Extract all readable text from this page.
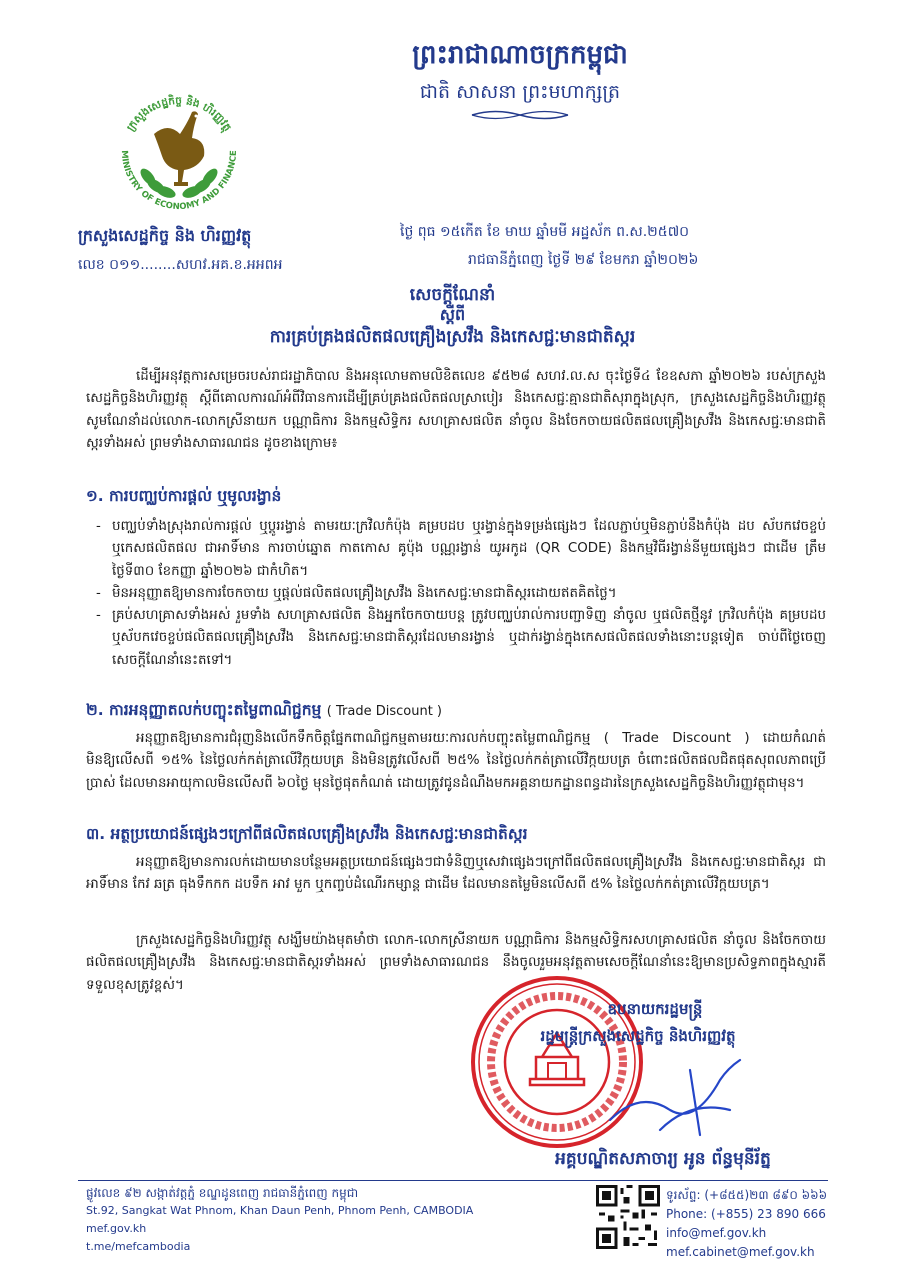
ក្រសួងសេដ្ឋកិច្ច និង ហិរញ្ញវត្ថុ
MINISTRY OF ECONOMY AND FINANCE
ព្រះរាជាណាចក្រកម្ពុជា
ជាតិ សាសនា ព្រះមហាក្សត្រ
ក្រសួងសេដ្ឋកិច្ច និង ហិរញ្ញវត្ថុ
លេខ ០១១........សហវ.អគ.ខ.អអពអ
ថ្ងៃ ពុធ ១៥កើត ខែ មាឃ ឆ្នាំមមី អដ្ឋស័ក ព.ស.២៥៧០
រាជធានីភ្នំពេញ ថ្ងៃទី ២៩ ខែមករា ឆ្នាំ២០២៦
សេចក្ដីណែនាំ
ស្ដីពី
ការគ្រប់គ្រងផលិតផលគ្រឿងស្រវឹង និងកេសជ្ជៈមានជាតិស្ករ
ដើម្បីអនុវត្តការសម្រេចរបស់រាជរដ្ឋាភិបាល និងអនុលោមតាមលិខិតលេខ ៩៥២៨ សហវ.ល.ស ចុះថ្ងៃទី៤ ខែឧសភា ឆ្នាំ២០២៦ របស់ក្រសួងសេដ្ឋកិច្ចនិងហិរញ្ញវត្ថុ ស្តីពីគោលការណ៍អំពីវិធានការដើម្បីគ្រប់គ្រងផលិតផលស្រាបៀរ និងកេសជ្ជៈគ្មានជាតិសុរាក្នុងស្រុក, ក្រសួងសេដ្ឋកិច្ចនិងហិរញ្ញវត្ថុសូមណែនាំដល់លោក-លោកស្រីនាយក បណ្ណាធិការ និងកម្មសិទ្ធិករ សហគ្រាសផលិត នាំចូល និងចែកចាយផលិតផលគ្រឿងស្រវឹង និងកេសជ្ជៈមានជាតិស្ករទាំងអស់ ព្រមទាំងសាធារណជន ដូចខាងក្រោម៖
១. ការបញ្ឈប់ការផ្ដល់ ឬមូលរង្វាន់
- បញ្ឈប់ទាំងស្រុងរាល់ការផ្តល់ ឬប្តូររង្វាន់ តាមរយៈក្រវិលកំប៉ុង គម្របដប ឬរង្វាន់ក្នុងទម្រង់ផ្សេងៗ ដែលភ្ជាប់ឬមិនភ្ជាប់នឹងកំប៉ុង ដប ស័បកវេចខ្ចប់ ឬកេសផលិតផល ជាអាទិ៍មាន ការចាប់ឆ្នោត កាតកោស គូប៉ុង បណ្ណរង្វាន់ យូអកូដ (QR CODE) និងកម្មវិធីរង្វាន់នីមួយផ្សេងៗ ជាដើម ត្រឹមថ្ងៃទី៣០ ខែកញ្ញា ឆ្នាំ២០២៦ ជាកំហិត។
- មិនអនុញ្ញាតឱ្យមានការចែកចាយ ឬផ្ដល់ផលិតផលគ្រឿងស្រវឹង និងកេសជ្ជៈមានជាតិស្ករដោយឥតគិតថ្លៃ។
- គ្រប់សហគ្រាសទាំងអស់ រួមទាំង សហគ្រាសផលិត និងអ្នកចែកចាយបន្ត ត្រូវបញ្ឈប់រាល់ការបញ្ជាទិញ នាំចូល ឬផលិតថ្មីនូវ ក្រវិលកំប៉ុង គម្របដប ឬស័បកវេចខ្ចប់ផលិតផលគ្រឿងស្រវឹង និងកេសជ្ជៈមានជាតិស្ករដែលមានរង្វាន់ ឬដាក់រង្វាន់ក្នុងកេសផលិតផលទាំងនោះបន្តទៀត ចាប់ពីថ្ងៃចេញសេចក្ដីណែនាំនេះតទៅ។
២. ការអនុញ្ញាតលក់បញ្ចុះតម្លៃពាណិជ្ជកម្ម ( Trade Discount )
អនុញ្ញាតឱ្យមានការជំរុញនិងលើកទឹកចិត្តផ្នែកពាណិជ្ជកម្មតាមរយៈការលក់បញ្ចុះតម្លៃពាណិជ្ជកម្ម ( Trade Discount ) ដោយកំណត់មិនឱ្យលើសពី ១៥% នៃថ្លៃលក់កត់ត្រាលើវិក្កយបត្រ និងមិនត្រូវលើសពី ២៥% នៃថ្លៃលក់កត់ត្រាលើវិក្កយបត្រ ចំពោះផលិតផលជិតផុតសុពលភាពប្រើប្រាស់ ដែលមានអាយុកាលមិនលើសពី ៦០ថ្ងៃ មុនថ្ងៃផុតកំណត់ ដោយត្រូវជូនដំណឹងមកអគ្គនាយកដ្ឋានពន្ធដារនៃក្រសួងសេដ្ឋកិច្ចនិងហិរញ្ញវត្ថុជាមុន។
៣. អត្ថប្រយោជន៍ផ្សេងៗក្រៅពីផលិតផលគ្រឿងស្រវឹង និងកេសជ្ជៈមានជាតិស្ករ
អនុញ្ញាតឱ្យមានការលក់ដោយមានបន្ថែមអត្ថប្រយោជន៍ផ្សេងៗជាទំនិញឬសេវាផ្សេងៗក្រៅពីផលិតផលគ្រឿងស្រវឹង និងកេសជ្ជៈមានជាតិស្ករ ជាអាទិ៍មាន កែវ ឆត្រ ធុងទឹកកក ដបទឹក អាវ មួក ឬកញ្ចប់ដំណើរកម្សាន្ត ជាដើម ដែលមានតម្លៃមិនលើសពី ៥% នៃថ្លៃលក់កត់ត្រាលើវិក្កយបត្រ។
ក្រសួងសេដ្ឋកិច្ចនិងហិរញ្ញវត្ថុ សង្ឃឹមយ៉ាងមុតមាំថា លោក-លោកស្រីនាយក បណ្ណាធិការ និងកម្មសិទ្ធិករសហគ្រាសផលិត នាំចូល និងចែកចាយផលិតផលគ្រឿងស្រវឹង និងកេសជ្ជៈមានជាតិស្ករទាំងអស់ ព្រមទាំងសាធារណជន នឹងចូលរួមអនុវត្តតាមសេចក្ដីណែនាំនេះឱ្យមានប្រសិទ្ធភាពក្នុងស្មារតីទទួលខុសត្រូវខ្ពស់។
ឧបនាយករដ្ឋមន្ត្រី
រដ្ឋមន្ត្រីក្រសួងសេដ្ឋកិច្ច និងហិរញ្ញវត្ថុ
អគ្គបណ្ឌិតសភាចារ្យ អូន ព័ន្ធមុនីរ័ត្ន
ផ្លូវលេខ ៩២ សង្កាត់វត្តភ្នំ ខណ្ឌដូនពេញ រាជធានីភ្នំពេញ កម្ពុជា
St.92, Sangkat Wat Phnom, Khan Daun Penh, Phnom Penh, CAMBODIA
mef.gov.kh
t.me/mefcambodia
ទូរស័ព្ទ: (+៨៥៥)២៣ ៨៩០ ៦៦៦
Phone: (+855) 23 890 666
info@mef.gov.kh
mef.cabinet@mef.gov.kh
